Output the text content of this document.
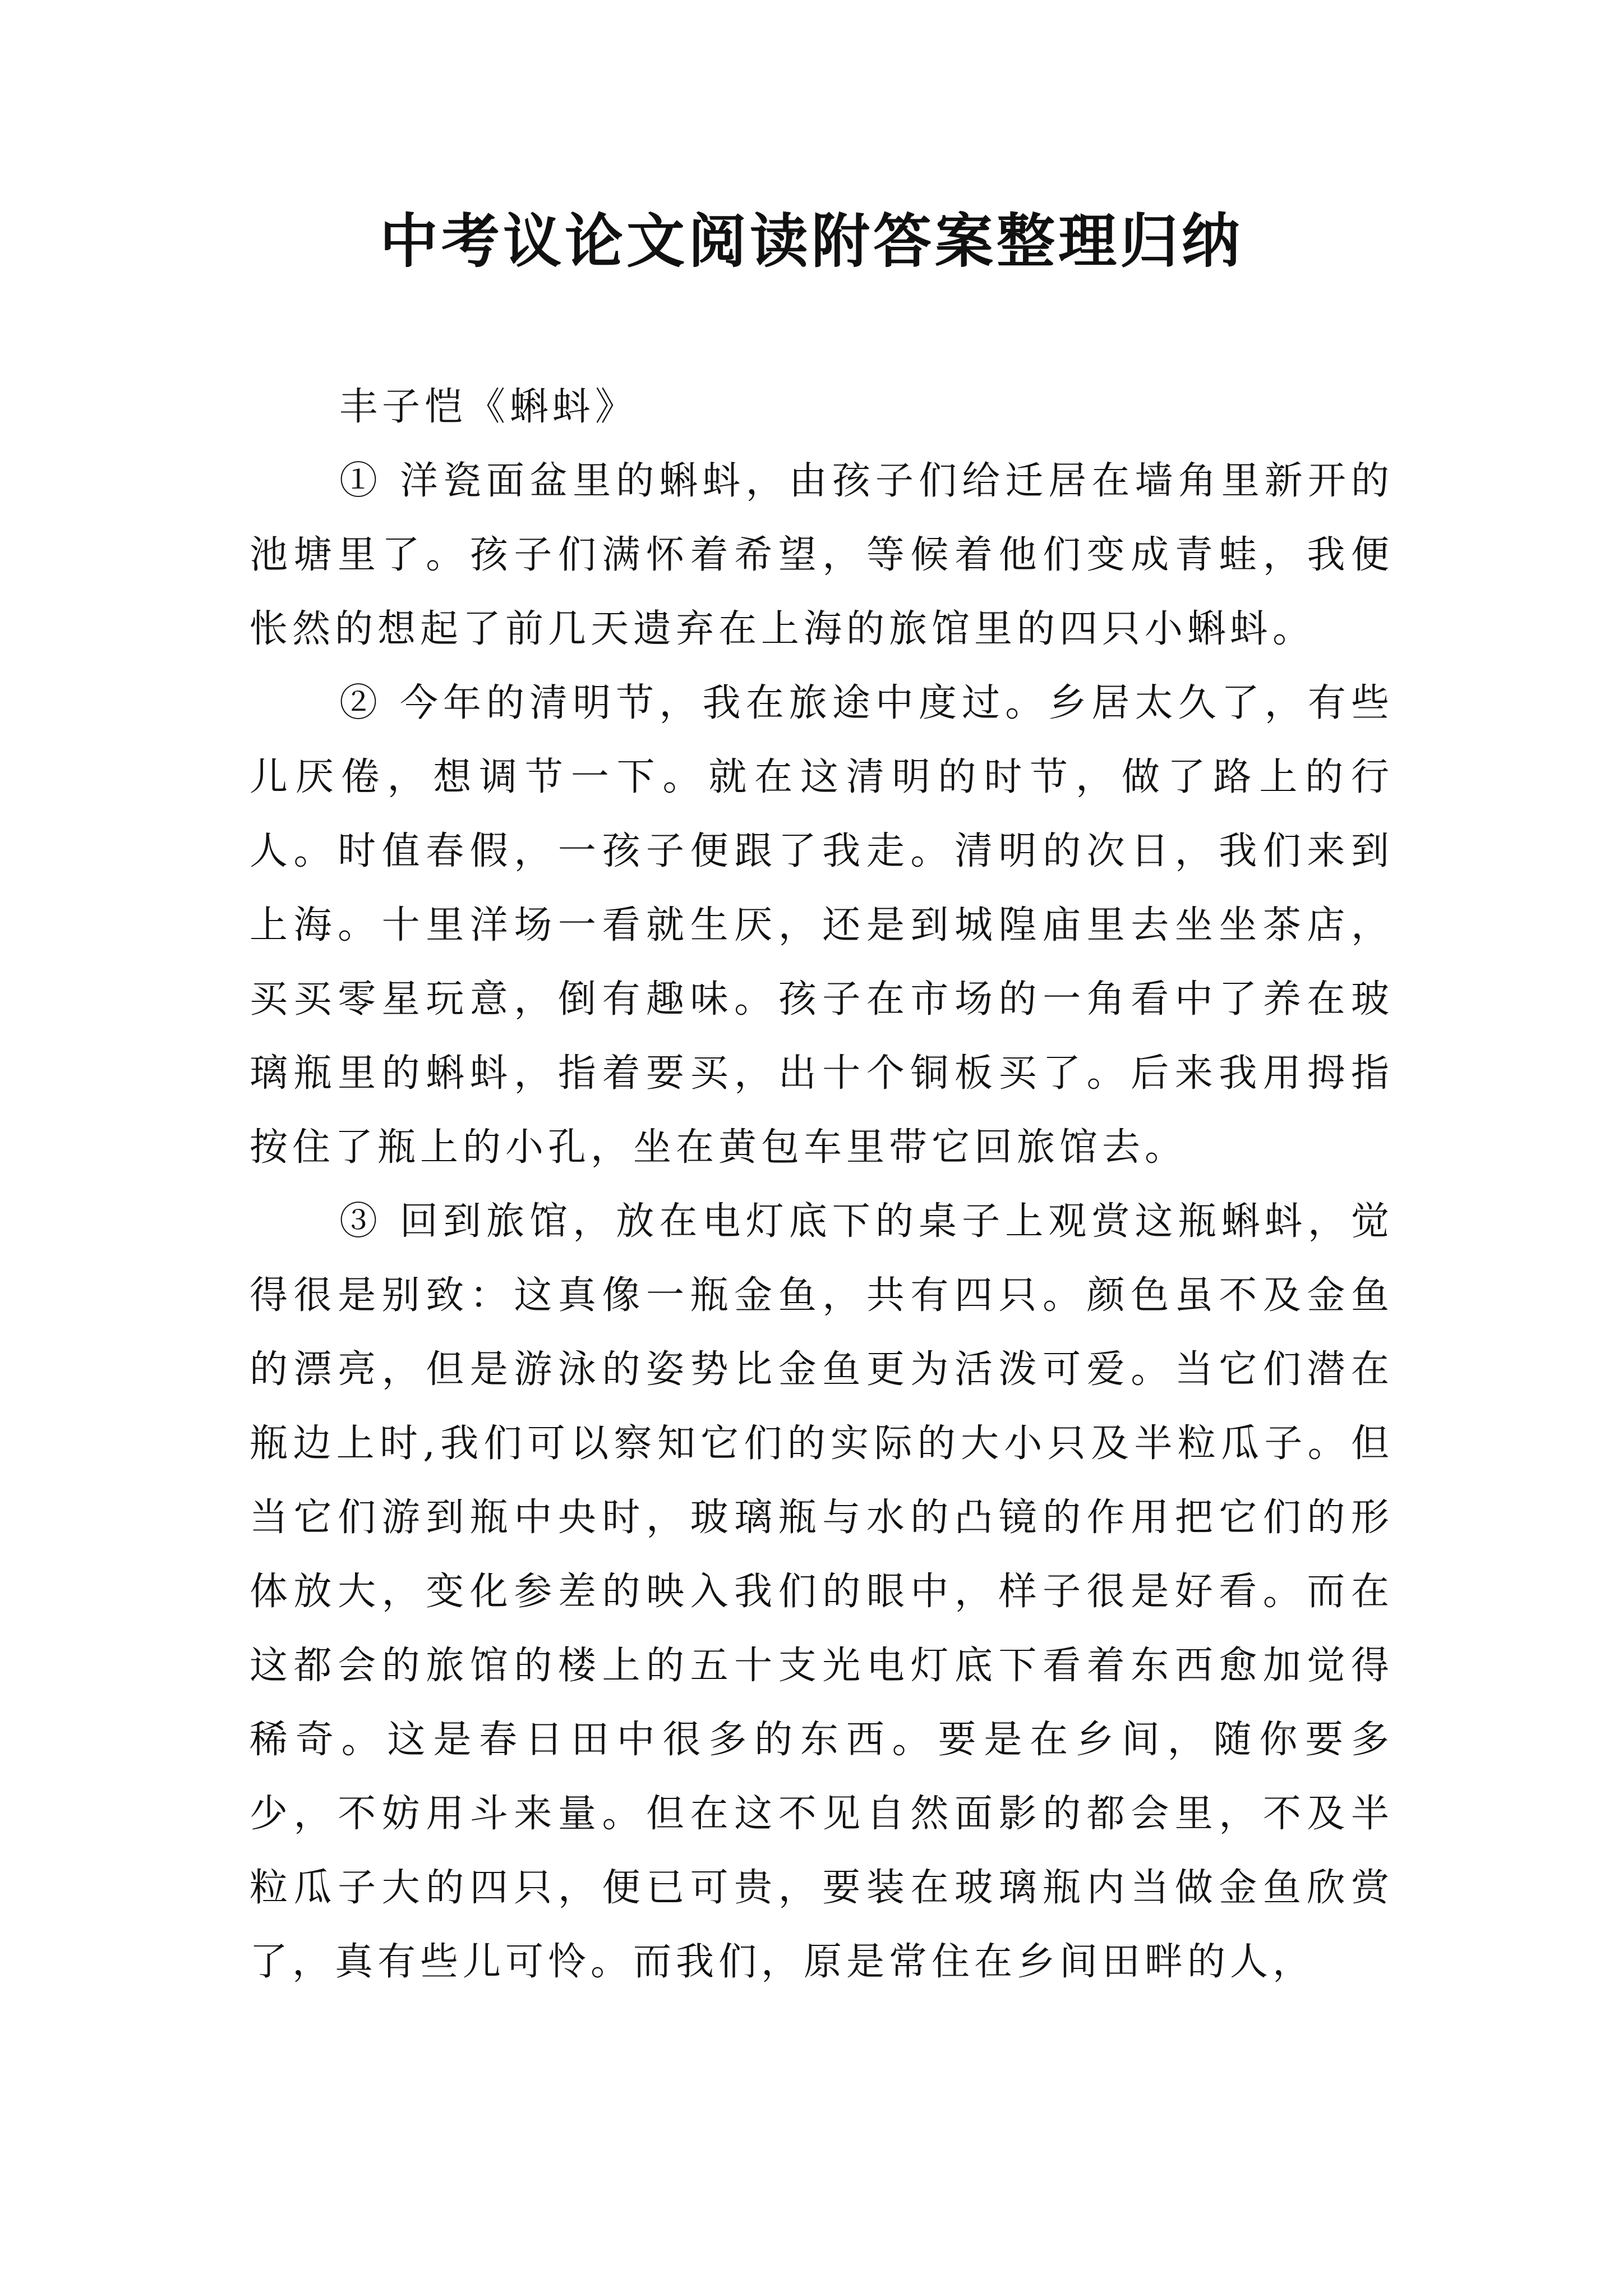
中考议论文阅读附答案整理归纳

丰子恺《蝌蚪》

① 洋瓷面盆里的蝌蚪，由孩子们给迁居在墙角里新开的池塘里了。孩子们满怀着希望，等候着他们变成青蛙，我便怅然的想起了前几天遗弃在上海的旅馆里的四只小蝌蚪。

② 今年的清明节，我在旅途中度过。乡居太久了，有些儿厌倦，想调节一下。就在这清明的时节，做了路上的行人。时值春假，一孩子便跟了我走。清明的次日，我们来到上海。十里洋场一看就生厌，还是到城隍庙里去坐坐茶店，买买零星玩意，倒有趣味。孩子在市场的一角看中了养在玻璃瓶里的蝌蚪，指着要买，出十个铜板买了。后来我用拇指按住了瓶上的小孔，坐在黄包车里带它回旅馆去。

③ 回到旅馆，放在电灯底下的桌子上观赏这瓶蝌蚪，觉得很是别致：这真像一瓶金鱼，共有四只。颜色虽不及金鱼的漂亮，但是游泳的姿势比金鱼更为活泼可爱。当它们潜在瓶边上时,我们可以察知它们的实际的大小只及半粒瓜子。但当它们游到瓶中央时，玻璃瓶与水的凸镜的作用把它们的形体放大，变化参差的映入我们的眼中，样子很是好看。而在这都会的旅馆的楼上的五十支光电灯底下看着东西愈加觉得稀奇。这是春日田中很多的东西。要是在乡间，随你要多少，不妨用斗来量。但在这不见自然面影的都会里，不及半粒瓜子大的四只，便已可贵，要装在玻璃瓶内当做金鱼欣赏了，真有些儿可怜。而我们，原是常住在乡间田畔的人，
